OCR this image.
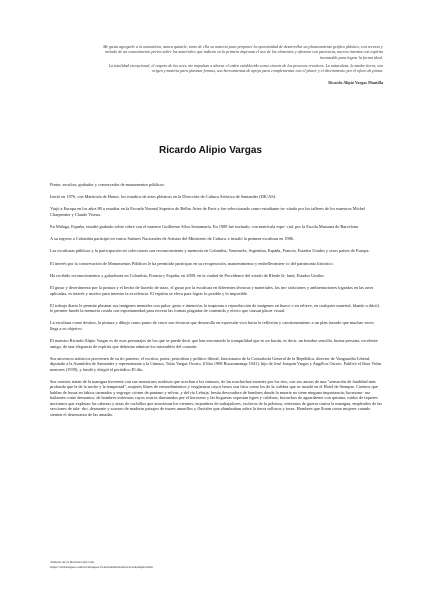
Me gusta agregarle a la naturaleza, nunca quitarle, tomo de ella su materia para proponer la oportunidad de desarrollar un planteamiento gráfico plástico, con recurso y método de un conocimiento previo sobre los materiales que indican en la primera impronta el uso de los elementos y afrontar con paciencia, nuevos intentos con espíritu incansable para lograr la forma ideal.

La totalidad excepcional, el respeto de las aves, me impulsan a ahorar el orden establecido como ciencia de los procesos creativos. La naturaleza, la madre tierra, son origen y materia para plasmar formas, son herramientas de apoyo para complementar con el placer y el divertimento por el oficio de pintar.

Ricardo Alipio Vargas Mantilla

Ricardo Alipio Vargas

Pintor, escultor, grabador y conservador de monumentos públicos.

Inició en 1976, con Matrícula de Honor, los estudios de artes plásticas en la Dirección de Cultura Artística de Santander (DICAS).

Viajó a Europa en los años 80 a estudiar en la Escuela Normal Superior de Bellas Artes de Paris y fue seleccionado como estudiante in- vitado por los talleres de los maestros Michel Charpentier y Claude Viseux.

En Málaga, España, estudió grabado sobre cobre con el maestro Guillermo Silva Santamaría. En 1989 fue invitado, con matrícula espe- cial, por la Escola Massana de Barcelona.

A su regreso a Colombia participó en varios Salones Nacionales de Artistas del Ministerio de Cultura, e instaló la primera escultura en 1986.

Las esculturas públicas y la participación en colecciones son reconocimiento y memoria en Colombia, Venezuela, Argentina, España, Francia, Estados Unidos y otros países de Europa.

El interés por la conservación de Monumentos Públicos le ha permitido participar en su recuperación, mantenimiento y embellecimien- to del patrimonio histórico.

Ha recibido reconocimientos y galardones en Colombia, Francia y España; en 2008, en la ciudad de Providence del estado de Rhode Is- land, Estados Unidos.

El gusto y divertimento por la pintura y el hecho de hacerlo de trazo, el gusto por la escultura en diferentes técnicas y materiales, las ins- talaciones y ambientaciones logradas en las artes aplicadas, es interés y motivo para intentar la excelencia. El espíritu se eleva para lograr lo posible y lo imposible.

El trabajo diario le permite plasmar sus imágenes mentales con pulso, gesto e intención, la impronta o reproducción de imágenes en hueco o en relieve, en cualquier material, blando o dúctil, le permite fundir la memoria cosida con espontaneidad para recrear las formas plagadas de contenido y efecto que causan placer visual.

La escultura como destino, la pintura y dibujo como punto de cruce son técnicas que desarrolla en expresión viva hacia la reflexión y caestionamiento a un plan trazado que muchas veces llega a su objetivo.

El maestro Ricardo Alipio Vargas es de esos personajes de los que se puede decir que han encontrado la tranquilidad que es un bucán, es decir, un hombre sencillo, buena persona, excelente amigo, de una elegancia de espíritu que deberían admirar los miserables del corazón.

Sus ancestros artísticos provienen de su tío paterno, el escritor, poeta, periodista y político liberal, funcionario de la Contraloría General de la República, director de Vanguardia Liberal, diputado a la Asamblea de Santander y representante a la Cámara, Tulio Vargas Osorio, (Oiba 1908 Bucaramanga 1941), hijo de José Joaquín Vargas y Angélica Osorio. Publicó el libro Vidas menores (1939), y fundó y dirigió el periódico El día.

Sus cuentos tratan de la manigua hirviente con sus monstruos ruidosos que acechan a los intrusos, de las muchachas errantes por los ríos, con sus ansias de una "sensación de fatalidad más profunda que la de la noche y la tempestad", mujeres libres de remordimientos y vergüenzas cayos besos son fríos como los de la culebra que se instaló en el Hotel de Siempre. Cuentos que hablan de bosas en fabios carmados y segrega- ciones de pantano y selvas, y del río Lebrija, bestia devoradora de hombres donde la muerte no tiene ninguna importancia; kocmono- raz bailantes como demonios, de hombres enfermos cayos rostros iluminados por el keroseno y las hogueras sopostan tigres y culebras, borrachos de aguardiente con quinina, ruidos de tiquetes nocturnos que explotan las cabezas y zizas de cuchillos que atraviesan los vientres; enjambres de trabajadores, esclavos de la pobreza, veteranos de guerra contra la manigua, empleados de las secciones de tala- dro, desmonte y acarreo de maderas paisajes de mares amarillos y fluviales que alumbraban sobre la tierra sollozos y toses. Hombres que lloran como mujeres cuando sienten el desencanto de las amadas.

Tomado de la Revista Upf.com.
https://revistaupes.com/revistaupes13-artistasinvitados/ricardoalipio.html
